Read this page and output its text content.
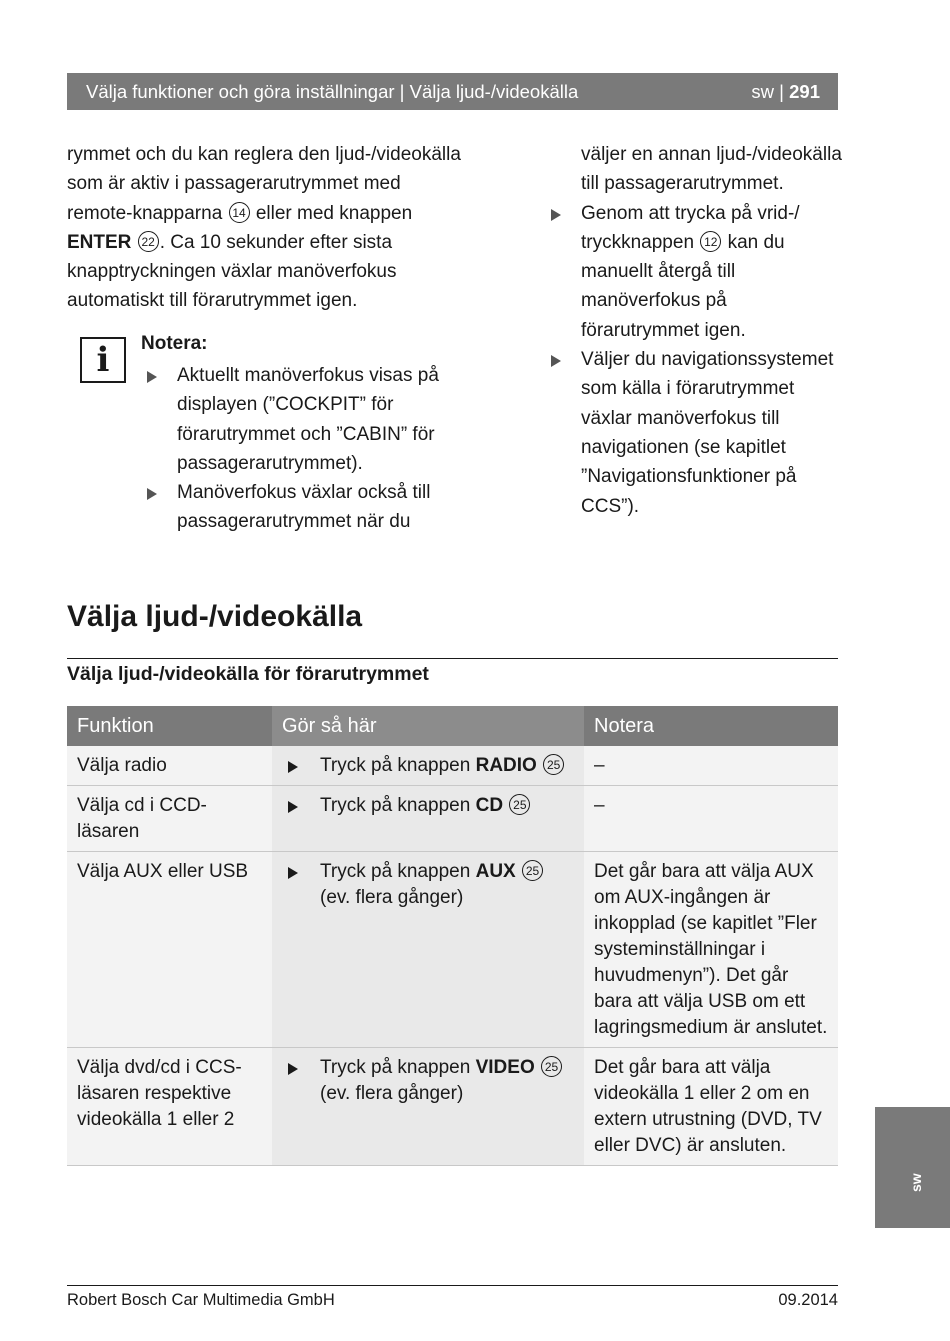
Välja funktioner och göra inställningar | Välja ljud-/videokälla	sw | 291
rymmet och du kan reglera den ljud-/videokälla som är aktiv i passagerarutrymmet med remote-knapparna 14 eller med knappen ENTER 22 . Ca 10 sekunder efter sista knapptryckningen växlar manöverfokus automatiskt till förarutrymmet igen.
i	Notera:
Aktuellt manöverfokus visas på displayen (”COCKPIT” för förarutrymmet och ”CABIN” för passagerarutrymmet).
Manöverfokus växlar också till passagerarutrymmet när du
väljer en annan ljud-/videokälla till passagerarutrymmet.
Genom att trycka på vrid-/ tryckknappen 12 kan du manuellt återgå till manöverfokus på förarutrymmet igen.
Väljer du navigationssystemet som källa i förarutrymmet växlar manöverfokus till navigationen (se kapitlet ”Navigationsfunktioner på CCS”).
Välja ljud-/videokälla
Välja ljud-/videokälla för förarutrymmet
Funktion	Gör så här	Notera
Välja radio	Tryck på knappen RADIO 25	–
Välja cd i CCD-läsaren	Tryck på knappen CD 25	–
Välja AUX eller USB	Tryck på knappen AUX 25 (ev. flera gånger)	Det går bara att välja AUX om AUX-ingången är inkopplad (se kapitlet ”Fler systeminställningar i huvudmenyn”). Det går bara att välja USB om ett lagringsmedium är anslutet.
Välja dvd/cd i CCS-läsaren respektive videokälla 1 eller 2	Tryck på knappen VIDEO 25 (ev. flera gånger)	Det går bara att välja videokälla 1 eller 2 om en extern utrustning (DVD, TV eller DVC) är ansluten.
sw
Robert Bosch Car Multimedia GmbH	09.2014
